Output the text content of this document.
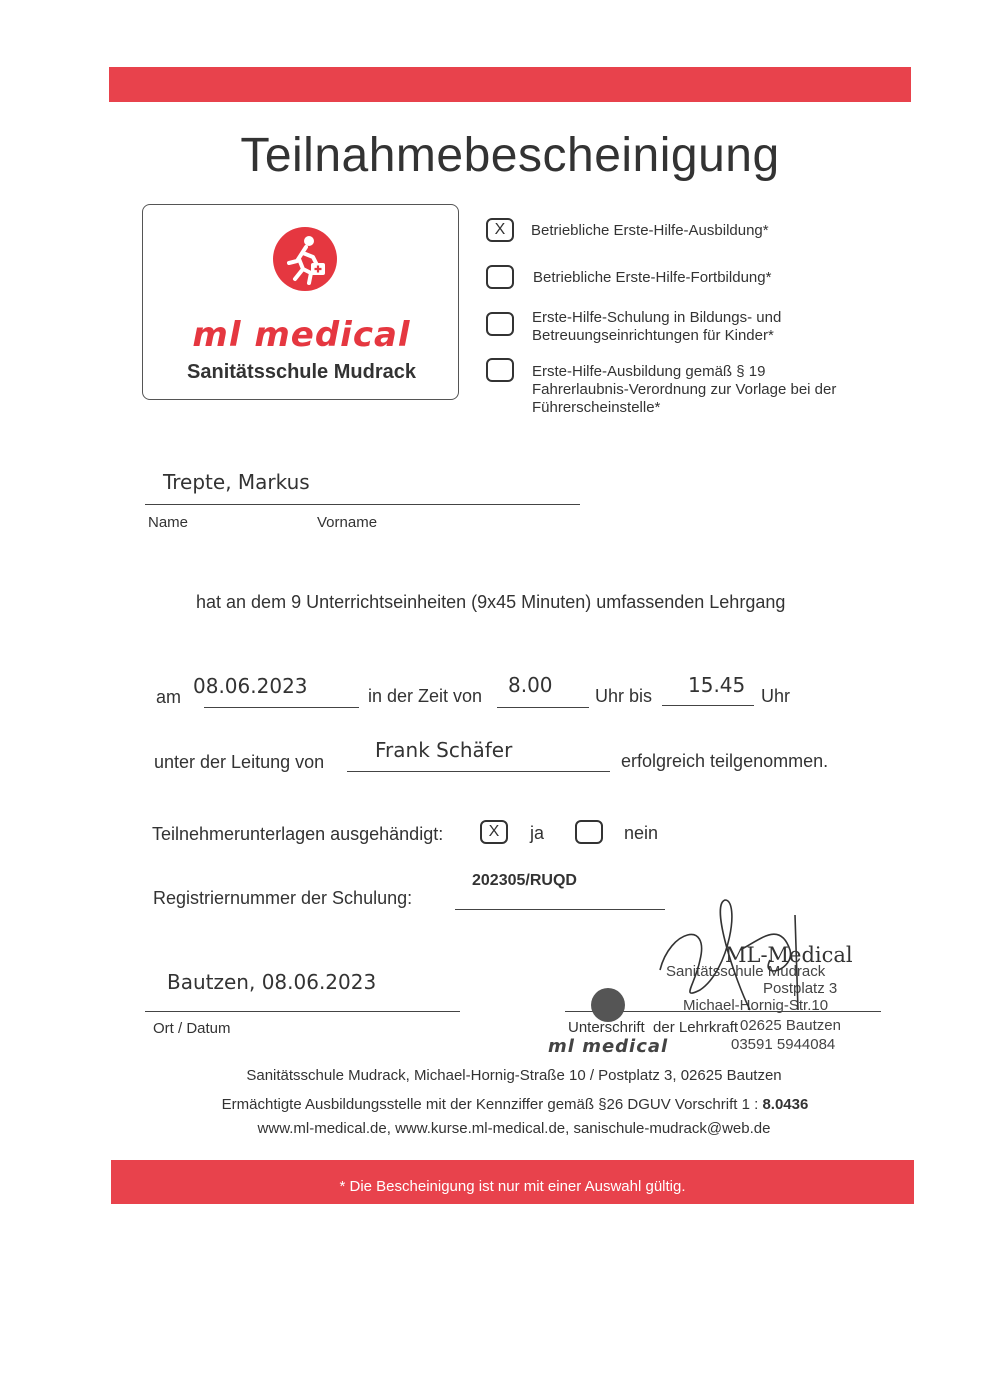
Teilnahmebescheinigung
ml medical
Sanitätsschule Mudrack
X	Betriebliche Erste-Hilfe-Ausbildung*
Betriebliche Erste-Hilfe-Fortbildung*
Erste-Hilfe-Schulung in Bildungs- und
Betreuungseinrichtungen für Kinder*
Erste-Hilfe-Ausbildung gemäß § 19
Fahrerlaubnis-Verordnung zur Vorlage bei der
Führerscheinstelle*
Trepte, Markus
Name	Vorname
hat an dem 9 Unterrichtseinheiten (9x45 Minuten) umfassenden Lehrgang
am 08.06.2023	in der Zeit von 8.00 Uhr bis 15.45 Uhr
unter der Leitung von	Frank Schäfer	erfolgreich teilgenommen.
Teilnehmerunterlagen ausgehändigt:	X	ja	nein
Registriernummer der Schulung:
202305/RUQD
Bautzen, 08.06.2023
Ort / Datum
ML-Medical
Sanitätsschule Mudrack
Postplatz 3
Michael-Hornig-Str.10
02625 Bautzen
03591 5944084
ml medical
Unterschrift  der Lehrkraft
Sanitätsschule Mudrack, Michael-Hornig-Straße 10 / Postplatz 3, 02625 Bautzen
Ermächtigte Ausbildungsstelle mit der Kennziffer gemäß §26 DGUV Vorschrift 1 : 8.0436
www.ml-medical.de, www.kurse.ml-medical.de, sanischule-mudrack@web.de
* Die Bescheinigung ist nur mit einer Auswahl gültig.
